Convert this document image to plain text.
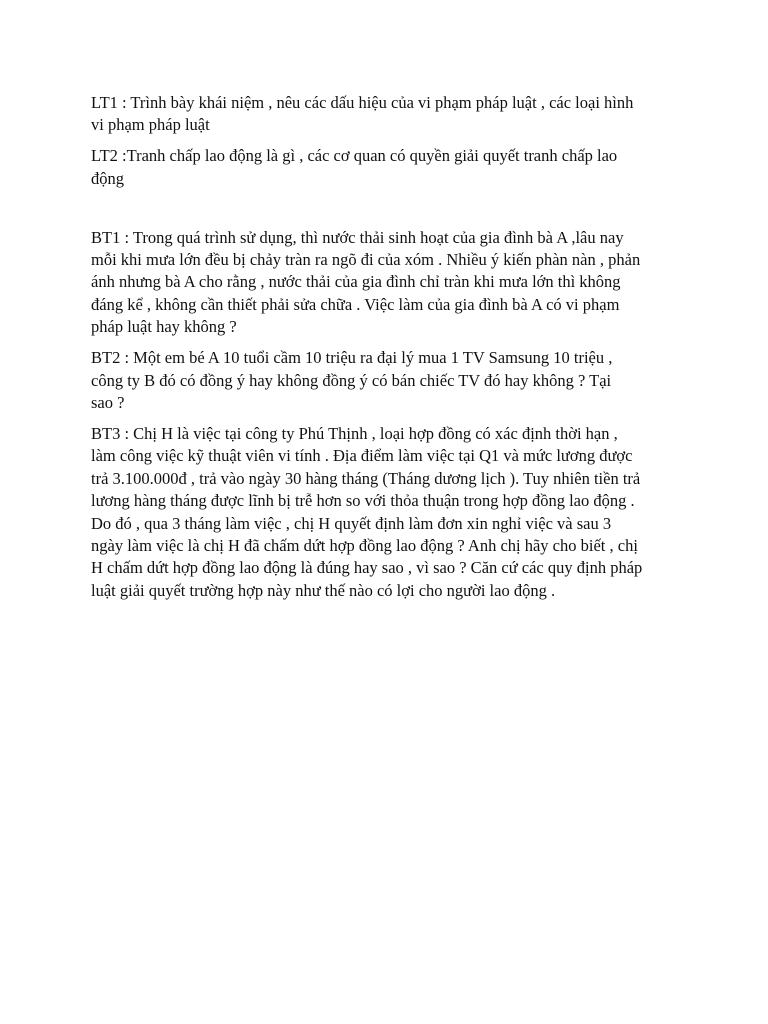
LT1 : Trình bày khái niệm , nêu các dấu hiệu của vi phạm pháp luật , các loại hình
vi phạm pháp luật

LT2 :Tranh chấp lao động là gì , các cơ quan có quyền giải quyết tranh chấp lao
động

BT1 : Trong quá trình sử dụng, thì nước thải sinh hoạt của gia đình bà A ,lâu nay
mỗi khi mưa lớn đều bị chảy tràn ra ngõ đi của xóm . Nhiều ý kiến phàn nàn , phản
ánh nhưng bà A cho rằng , nước thải của gia đình chỉ tràn khi mưa lớn thì không
đáng kể , không cần thiết phải sửa chữa . Việc làm của gia đình bà A có vi phạm
pháp luật hay không ?

BT2 : Một em bé A 10 tuổi cầm 10 triệu ra đại lý mua 1 TV Samsung 10 triệu ,
công ty B đó có đồng ý hay không đồng ý có bán chiếc TV đó hay không ? Tại
sao ?

BT3 : Chị H là việc tại công ty Phú Thịnh , loại hợp đồng có xác định thời hạn ,
làm công việc kỹ thuật viên vi tính . Địa điểm làm việc tại Q1 và mức lương được
trả 3.100.000đ , trả vào ngày 30 hàng tháng (Tháng dương lịch ). Tuy nhiên tiền trả
lương hàng tháng được lĩnh bị trễ hơn so với thỏa thuận trong hợp đồng lao động .
Do đó , qua 3 tháng làm việc , chị H quyết định làm đơn xin nghỉ việc và sau 3
ngày làm việc là chị H đã chấm dứt hợp đồng lao động ? Anh chị hãy cho biết , chị
H chấm dứt hợp đồng lao động là đúng hay sao , vì sao ? Căn cứ các quy định pháp
luật giải quyết trường hợp này như thế nào có lợi cho người lao động .
